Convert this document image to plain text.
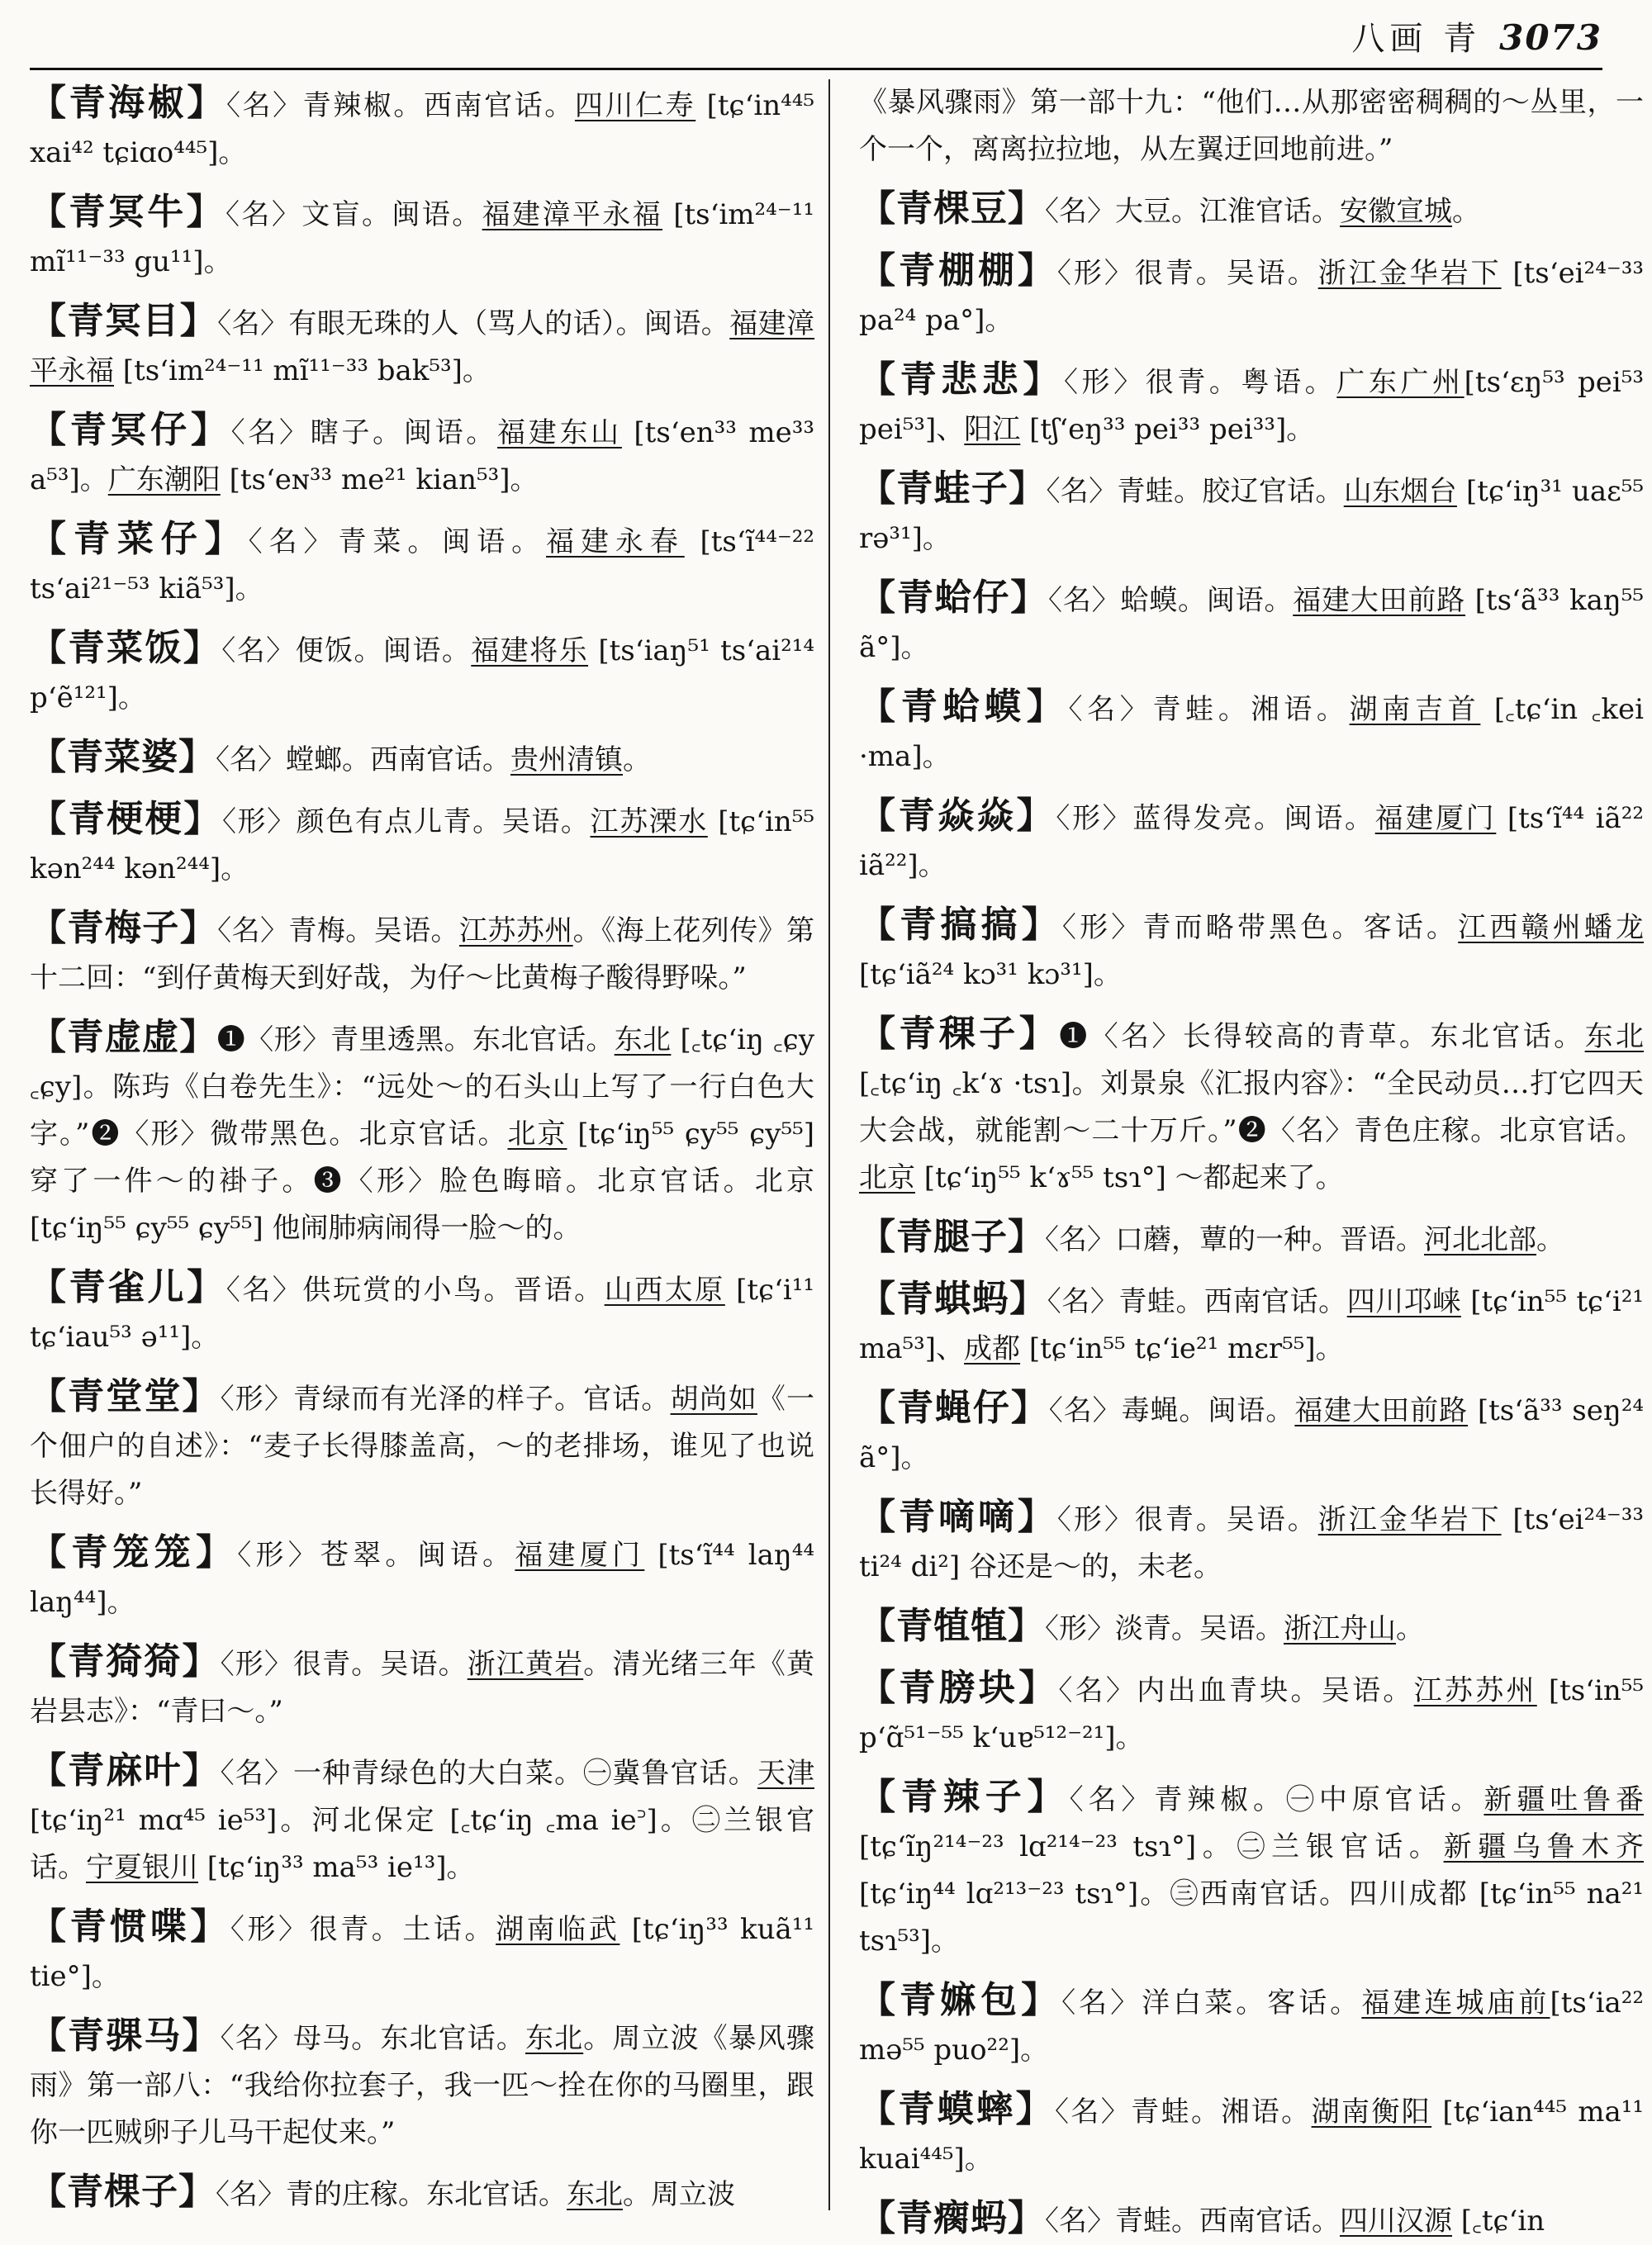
八画 青 3073

【青海椒】〈名〉青辣椒。西南官话。四川仁寿 [tɕʻin⁴⁴⁵ xai⁴² tɕiɑo⁴⁴⁵]。

【青冥牛】〈名〉文盲。闽语。福建漳平永福 [tsʻim²⁴⁻¹¹ mĩ¹¹⁻³³ gu¹¹]。

【青冥目】〈名〉有眼无珠的人（骂人的话）。闽语。福建漳平永福 [tsʻim²⁴⁻¹¹ mĩ¹¹⁻³³ bak⁵³]。

【青冥仔】〈名〉瞎子。闽语。福建东山 [tsʻen³³ me³³ a⁵³]。广东潮阳 [tsʻeɴ³³ me²¹ kian⁵³]。

【青菜仔】〈名〉青菜。闽语。福建永春 [tsʻĩ⁴⁴⁻²² tsʻai²¹⁻⁵³ kiã⁵³]。

【青菜饭】〈名〉便饭。闽语。福建将乐 [tsʻiaŋ⁵¹ tsʻai²¹⁴ pʻẽ¹²¹]。

【青菜婆】〈名〉螳螂。西南官话。贵州清镇。

【青梗梗】〈形〉颜色有点儿青。吴语。江苏溧水 [tɕʻin⁵⁵ kən²⁴⁴ kən²⁴⁴]。

【青梅子】〈名〉青梅。吴语。江苏苏州。《海上花列传》第十二回：“到仔黄梅天到好哉，为仔～比黄梅子酸得野哚。”

【青虚虚】❶〈形〉青里透黑。东北官话。东北 [꜀tɕʻiŋ ꜀ɕy ꜀ɕy]。陈玙《白卷先生》：“远处～的石头山上写了一行白色大字。”❷〈形〉微带黑色。北京官话。北京 [tɕʻiŋ⁵⁵ ɕy⁵⁵ ɕy⁵⁵] 穿了一件～的褂子。❸〈形〉脸色晦暗。北京官话。北京 [tɕʻiŋ⁵⁵ ɕy⁵⁵ ɕy⁵⁵] 他闹肺病闹得一脸～的。

【青雀儿】〈名〉供玩赏的小鸟。晋语。山西太原 [tɕʻi¹¹ tɕʻiau⁵³ ə¹¹]。

【青堂堂】〈形〉青绿而有光泽的样子。官话。胡尚如《一个佃户的自述》：“麦子长得膝盖高，～的老排场，谁见了也说长得好。”

【青笼笼】〈形〉苍翠。闽语。福建厦门 [tsʻĩ⁴⁴ laŋ⁴⁴ laŋ⁴⁴]。

【青猗猗】〈形〉很青。吴语。浙江黄岩。清光绪三年《黄岩县志》：“青曰～。”

【青麻叶】〈名〉一种青绿色的大白菜。㊀冀鲁官话。天津 [tɕʻiŋ²¹ mɑ⁴⁵ ie⁵³]。河北保定 [꜀tɕʻiŋ ꜀ma ie꜄]。㊁兰银官话。宁夏银川 [tɕʻiŋ³³ ma⁵³ ie¹³]。

【青惯喋】〈形〉很青。土话。湖南临武 [tɕʻiŋ³³ kuã¹¹ tie°]。

【青骒马】〈名〉母马。东北官话。东北。周立波《暴风骤雨》第一部八：“我给你拉套子，我一匹～拴在你的马圈里，跟你一匹贼卵子儿马干起仗来。”

【青棵子】〈名〉青的庄稼。东北官话。东北。周立波

《暴风骤雨》第一部十九：“他们…从那密密稠稠的～丛里，一个一个，离离拉拉地，从左翼迂回地前进。”

【青棵豆】〈名〉大豆。江淮官话。安徽宣城。

【青棚棚】〈形〉很青。吴语。浙江金华岩下 [tsʻei²⁴⁻³³ pa²⁴ pa°]。

【青悲悲】〈形〉很青。粤语。广东广州[tsʻɛŋ⁵³ pei⁵³ pei⁵³]、阳江 [tʃʻeŋ³³ pei³³ pei³³]。

【青蛙子】〈名〉青蛙。胶辽官话。山东烟台 [tɕʻiŋ³¹ uaɛ⁵⁵ rə³¹]。

【青蛤仔】〈名〉蛤蟆。闽语。福建大田前路 [tsʻã³³ kaŋ⁵⁵ ã°]。

【青蛤蟆】〈名〉青蛙。湘语。湖南吉首 [꜀tɕʻin ꜀kei ·ma]。

【青焱焱】〈形〉蓝得发亮。闽语。福建厦门 [tsʻĩ⁴⁴ iã²² iã²²]。

【青搞搞】〈形〉青而略带黑色。客话。江西赣州蟠龙 [tɕʻiã²⁴ kɔ³¹ kɔ³¹]。

【青稞子】❶〈名〉长得较高的青草。东北官话。东北 [꜀tɕʻiŋ ꜀kʻɤ ·tsɿ]。刘景泉《汇报内容》：“全民动员…打它四天大会战，就能割～二十万斤。”❷〈名〉青色庄稼。北京官话。北京 [tɕʻiŋ⁵⁵ kʻɤ⁵⁵ tsɿ°] ～都起来了。

【青腿子】〈名〉口蘑，蕈的一种。晋语。河北北部。

【青蜞蚂】〈名〉青蛙。西南官话。四川邛崃 [tɕʻin⁵⁵ tɕʻi²¹ ma⁵³]、成都 [tɕʻin⁵⁵ tɕʻie²¹ mɛr⁵⁵]。

【青蝇仔】〈名〉毒蝇。闽语。福建大田前路 [tsʻã³³ seŋ²⁴ ã°]。

【青嘀嘀】〈形〉很青。吴语。浙江金华岩下 [tsʻei²⁴⁻³³ ti²⁴ di²] 谷还是～的，未老。

【青犆犆】〈形〉淡青。吴语。浙江舟山。

【青膀块】〈名〉内出血青块。吴语。江苏苏州 [tsʻin⁵⁵ pʻɑ̃⁵¹⁻⁵⁵ kʻuɐ⁵¹²⁻²¹]。

【青辣子】〈名〉青辣椒。㊀中原官话。新疆吐鲁番 [tɕʻĩŋ²¹⁴⁻²³ lɑ²¹⁴⁻²³ tsɿ°]。㊁兰银官话。新疆乌鲁木齐 [tɕʻiŋ⁴⁴ lɑ²¹³⁻²³ tsɿ°]。㊂西南官话。四川成都 [tɕʻin⁵⁵ na²¹ tsɿ⁵³]。

【青嫲包】〈名〉洋白菜。客话。福建连城庙前[tsʻia²² mə⁵⁵ puo²²]。

【青蟆蟀】〈名〉青蛙。湘语。湖南衡阳 [tɕʻian⁴⁴⁵ ma¹¹ kuai⁴⁴⁵]。

【青瘸蚂】〈名〉青蛙。西南官话。四川汉源 [꜀tɕʻin
